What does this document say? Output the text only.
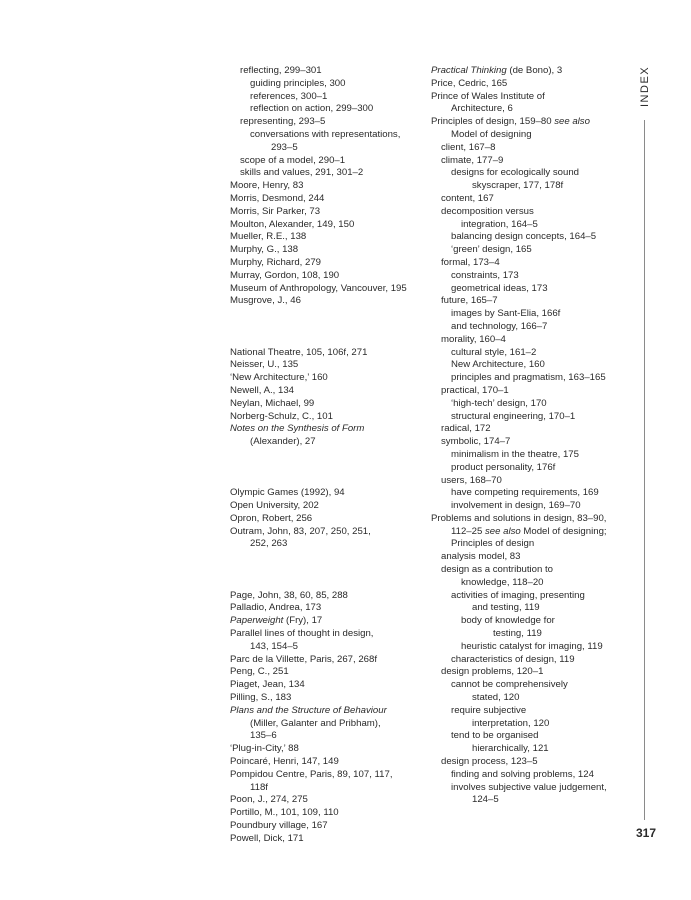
reflecting, 299–301
guiding principles, 300
references, 300–1
reflection on action, 299–300
representing, 293–5
conversations with representations,
293–5
scope of a model, 290–1
skills and values, 291, 301–2
Moore, Henry, 83
Morris, Desmond, 244
Morris, Sir Parker, 73
Moulton, Alexander, 149, 150
Mueller, R.E., 138
Murphy, G., 138
Murphy, Richard, 279
Murray, Gordon, 108, 190
Museum of Anthropology, Vancouver, 195
Musgrove, J., 46
National Theatre, 105, 106f, 271
Neisser, U., 135
‘New Architecture,’ 160
Newell, A., 134
Neylan, Michael, 99
Norberg-Schulz, C., 101
Notes on the Synthesis of Form
(Alexander), 27
Olympic Games (1992), 94
Open University, 202
Opron, Robert, 256
Outram, John, 83, 207, 250, 251,
252, 263
Page, John, 38, 60, 85, 288
Palladio, Andrea, 173
Paperweight (Fry), 17
Parallel lines of thought in design,
143, 154–5
Parc de la Villette, Paris, 267, 268f
Peng, C., 251
Piaget, Jean, 134
Pilling, S., 183
Plans and the Structure of Behaviour
(Miller, Galanter and Pribham),
135–6
‘Plug-in-City,’ 88
Poincaré, Henri, 147, 149
Pompidou Centre, Paris, 89, 107, 117,
118f
Poon, J., 274, 275
Portillo, M., 101, 109, 110
Poundbury village, 167
Powell, Dick, 171
Practical Thinking (de Bono), 3
Price, Cedric, 165
Prince of Wales Institute of
Architecture, 6
Principles of design, 159–80 see also
Model of designing
client, 167–8
climate, 177–9
designs for ecologically sound
skyscraper, 177, 178f
content, 167
decomposition versus
integration, 164–5
balancing design concepts, 164–5
‘green’ design, 165
formal, 173–4
constraints, 173
geometrical ideas, 173
future, 165–7
images by Sant-Elia, 166f
and technology, 166–7
morality, 160–4
cultural style, 161–2
New Architecture, 160
principles and pragmatism, 163–165
practical, 170–1
‘high-tech’ design, 170
structural engineering, 170–1
radical, 172
symbolic, 174–7
minimalism in the theatre, 175
product personality, 176f
users, 168–70
have competing requirements, 169
involvement in design, 169–70
Problems and solutions in design, 83–90,
112–25 see also Model of designing;
Principles of design
analysis model, 83
design as a contribution to
knowledge, 118–20
activities of imaging, presenting
and testing, 119
body of knowledge for
testing, 119
heuristic catalyst for imaging, 119
characteristics of design, 119
design problems, 120–1
cannot be comprehensively
stated, 120
require subjective
interpretation, 120
tend to be organised
hierarchically, 121
design process, 123–5
finding and solving problems, 124
involves subjective value judgement,
124–5
INDEX
317
